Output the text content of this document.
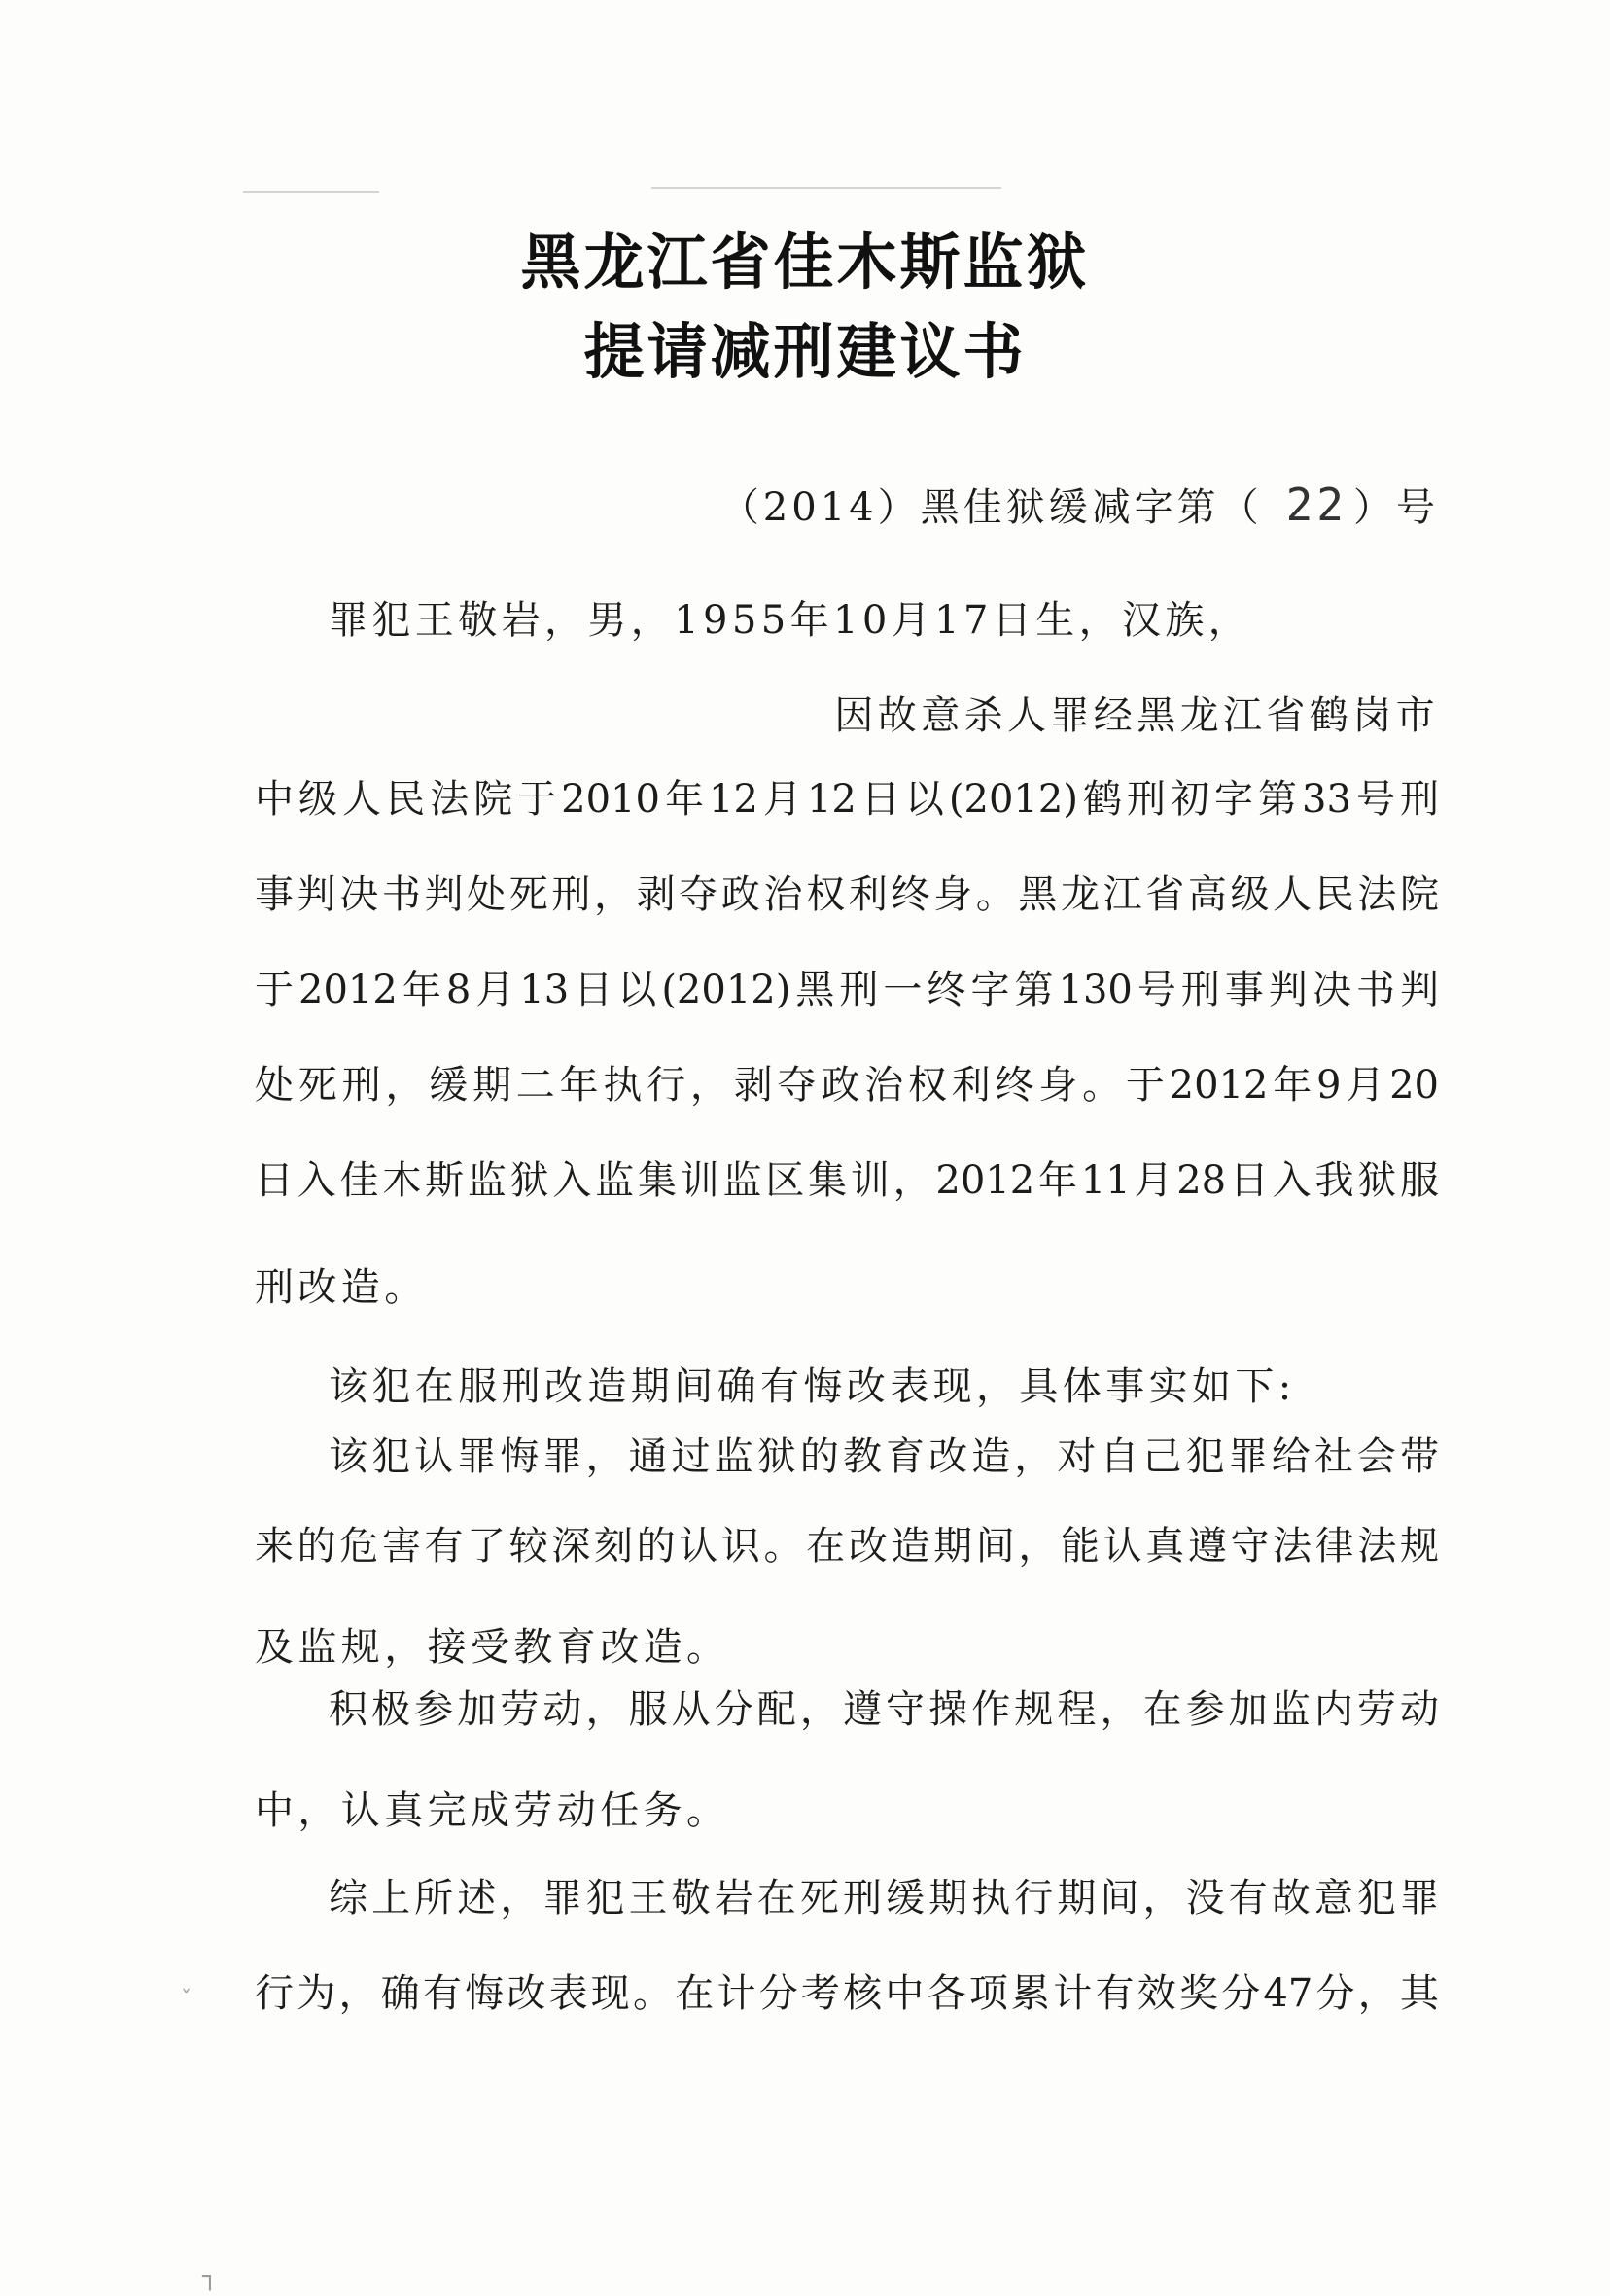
黑龙江省佳木斯监狱
提请减刑建议书
（2014）黑佳狱缓减字第（ 22 ）号
罪犯王敬岩，男，1955年10月17日生，汉族，
因故意杀人罪经黑龙江省鹤岗市
中级人民法院于2010年12月12日以(2012)鹤刑初字第33号刑
事判决书判处死刑，剥夺政治权利终身。黑龙江省高级人民法院
于2012年8月13日以(2012)黑刑一终字第130号刑事判决书判
处死刑，缓期二年执行，剥夺政治权利终身。于2012年9月20
日入佳木斯监狱入监集训监区集训，2012年11月28日入我狱服
刑改造。
该犯在服刑改造期间确有悔改表现，具体事实如下:
该犯认罪悔罪，通过监狱的教育改造，对自己犯罪给社会带
来的危害有了较深刻的认识。在改造期间，能认真遵守法律法规
及监规，接受教育改造。
积极参加劳动，服从分配，遵守操作规程，在参加监内劳动
中，认真完成劳动任务。
综上所述，罪犯王敬岩在死刑缓期执行期间，没有故意犯罪
行为，确有悔改表现。在计分考核中各项累计有效奖分47分，其
ˇ
┐
